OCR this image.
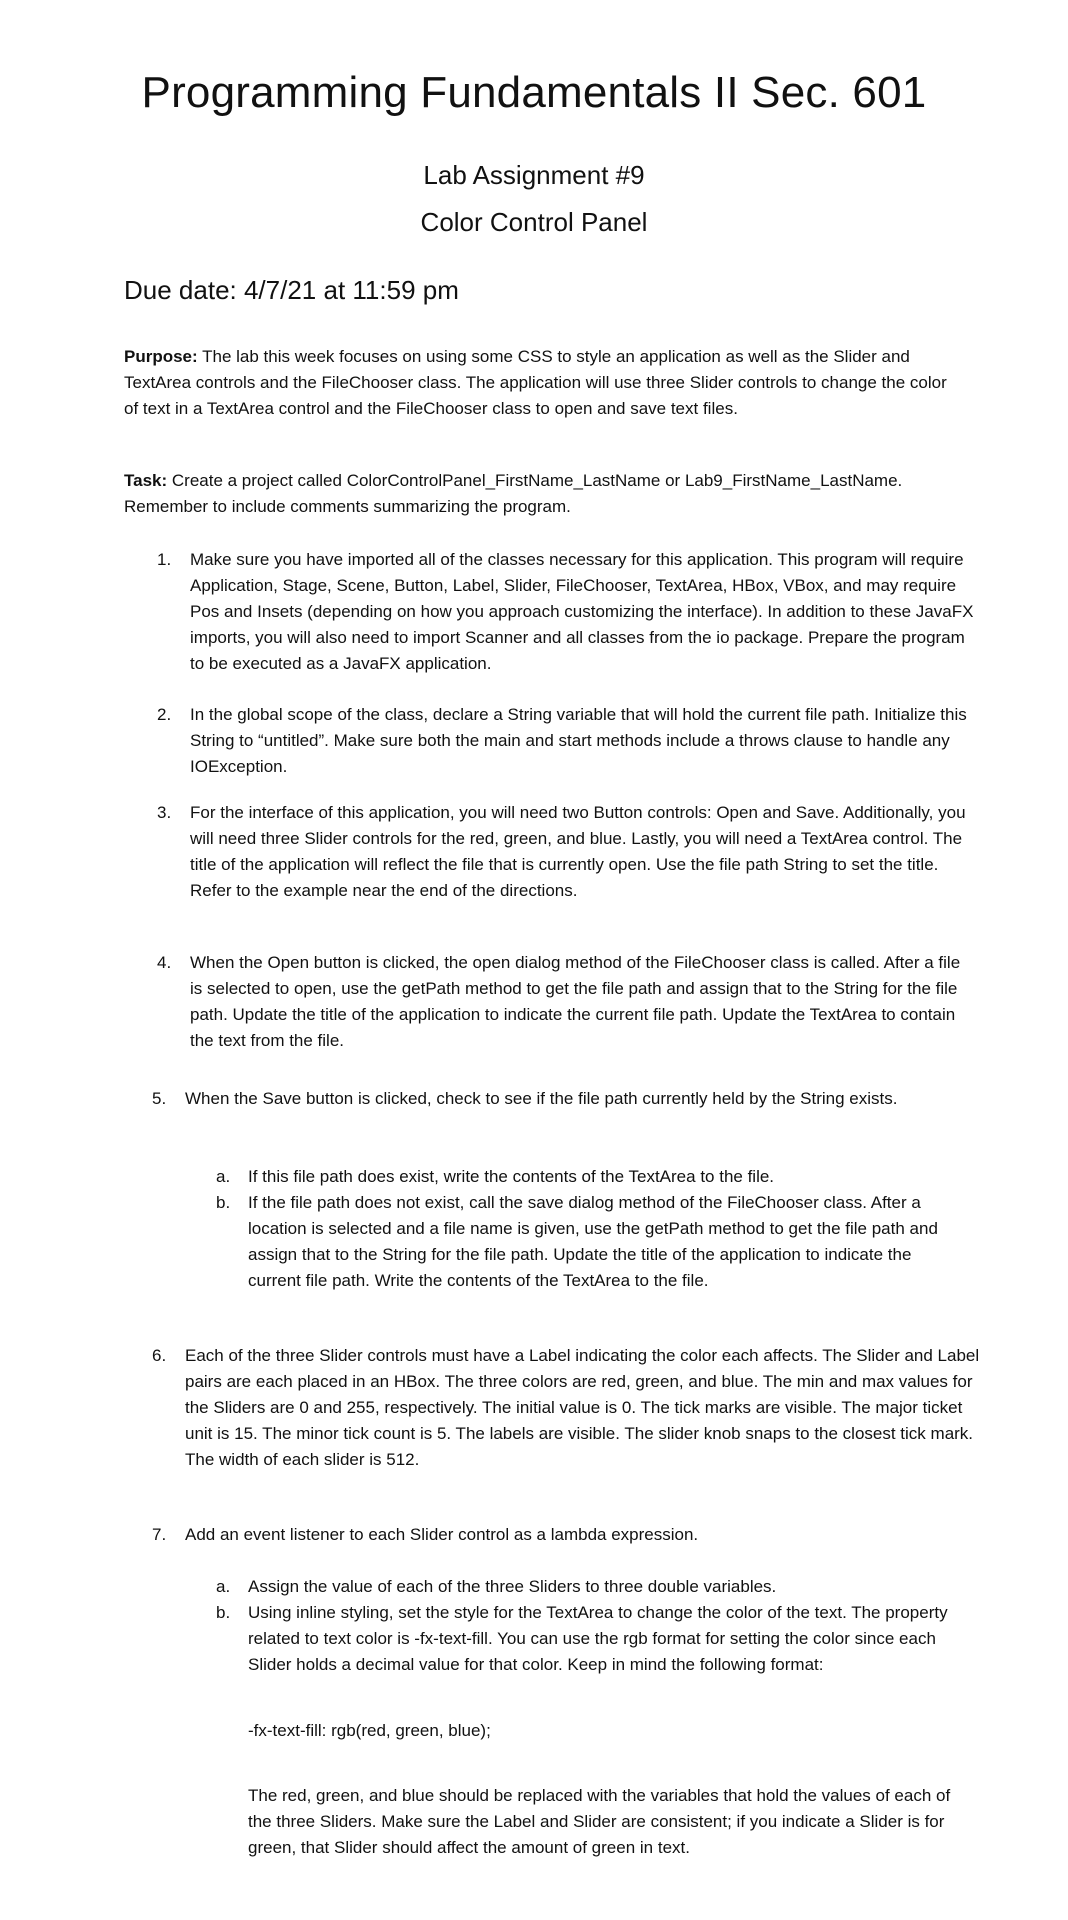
Programming Fundamentals II Sec. 601
Lab Assignment #9
Color Control Panel

Due date: 4/7/21 at 11:59 pm

Purpose: The lab this week focuses on using some CSS to style an application as well as the Slider and TextArea controls and the FileChooser class. The application will use three Slider controls to change the color of text in a TextArea control and the FileChooser class to open and save text files.

Task: Create a project called ColorControlPanel_FirstName_LastName or Lab9_FirstName_LastName. Remember to include comments summarizing the program.

1. Make sure you have imported all of the classes necessary for this application. This program will require Application, Stage, Scene, Button, Label, Slider, FileChooser, TextArea, HBox, VBox, and may require Pos and Insets (depending on how you approach customizing the interface). In addition to these JavaFX imports, you will also need to import Scanner and all classes from the io package. Prepare the program to be executed as a JavaFX application.
2. In the global scope of the class, declare a String variable that will hold the current file path. Initialize this String to “untitled”. Make sure both the main and start methods include a throws clause to handle any IOException.
3. For the interface of this application, you will need two Button controls: Open and Save. Additionally, you will need three Slider controls for the red, green, and blue. Lastly, you will need a TextArea control. The title of the application will reflect the file that is currently open. Use the file path String to set the title. Refer to the example near the end of the directions.
4. When the Open button is clicked, the open dialog method of the FileChooser class is called. After a file is selected to open, use the getPath method to get the file path and assign that to the String for the file path. Update the title of the application to indicate the current file path. Update the TextArea to contain the text from the file.
5. When the Save button is clicked, check to see if the file path currently held by the String exists.
a. If this file path does exist, write the contents of the TextArea to the file.
b. If the file path does not exist, call the save dialog method of the FileChooser class. After a location is selected and a file name is given, use the getPath method to get the file path and assign that to the String for the file path. Update the title of the application to indicate the current file path. Write the contents of the TextArea to the file.
6. Each of the three Slider controls must have a Label indicating the color each affects. The Slider and Label pairs are each placed in an HBox. The three colors are red, green, and blue. The min and max values for the Sliders are 0 and 255, respectively. The initial value is 0. The tick marks are visible. The major ticket unit is 15. The minor tick count is 5. The labels are visible. The slider knob snaps to the closest tick mark. The width of each slider is 512.
7. Add an event listener to each Slider control as a lambda expression.
a. Assign the value of each of the three Sliders to three double variables.
b. Using inline styling, set the style for the TextArea to change the color of the text. The property related to text color is -fx-text-fill. You can use the rgb format for setting the color since each Slider holds a decimal value for that color. Keep in mind the following format:

-fx-text-fill: rgb(red, green, blue);

The red, green, and blue should be replaced with the variables that hold the values of each of the three Sliders. Make sure the Label and Slider are consistent; if you indicate a Slider is for green, that Slider should affect the amount of green in text.
